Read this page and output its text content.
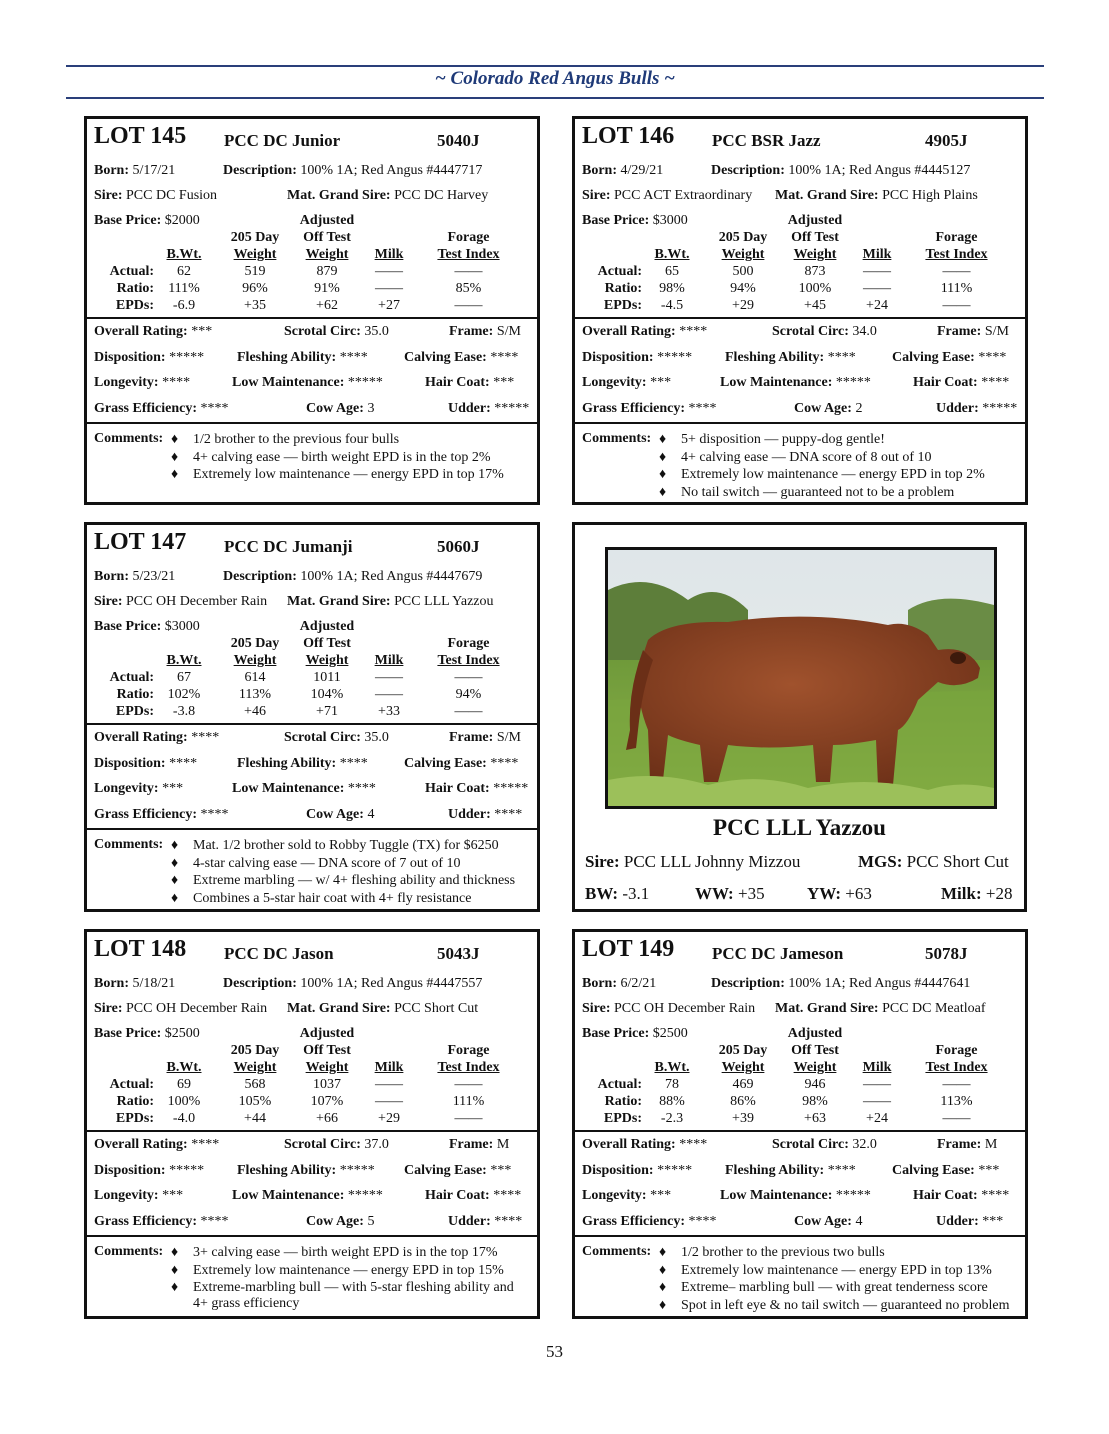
~ Colorado Red Angus Bulls ~
LOT 145 PCC DC Junior	5040J
Born: 5/17/21	Description: 100% 1A; Red Angus #4447717
Sire: PCC DC Fusion	Mat. Grand Sire: PCC DC Harvey
Base Price: $2000	Adjusted
205 Day	Off Test	Forage
B.Wt.	Weight	Weight	Milk	Test Index
Actual:	62	519	879	——	——
Ratio:	111%	96%	91%	——	85%
EPDs:	-6.9	+35	+62	+27	——
Overall Rating: ***	Scrotal Circ: 35.0	Frame: S/M
Disposition: ***** Fleshing Ability: ****	Calving Ease: ****
Longevity: ****	Low Maintenance: *****	Hair Coat: ***
Grass Efficiency: ****	Cow Age: 3	Udder: *****
Comments: ♦ 1/2 brother to the previous four bulls
♦ 4+ calving ease — birth weight EPD is in the top 2%
♦ Extremely low maintenance — energy EPD in top 17%
LOT 146 PCC BSR Jazz	4905J
Born: 4/29/21	Description: 100% 1A; Red Angus #4445127
Sire: PCC ACT Extraordinary Mat. Grand Sire: PCC High Plains
Base Price: $3000	Adjusted
205 Day	Off Test	Forage
B.Wt.	Weight	Weight	Milk	Test Index
Actual:	65	500	873	——	——
Ratio:	98%	94%	100%	——	111%
EPDs:	-4.5	+29	+45	+24	——
Overall Rating: ****	Scrotal Circ: 34.0	Frame: S/M
Disposition: ***** Fleshing Ability: ****	Calving Ease: ****
Longevity: ***	Low Maintenance: *****	Hair Coat: ****
Grass Efficiency: ****	Cow Age: 2	Udder: *****
Comments: ♦ 5+ disposition — puppy-dog gentle!
♦ 4+ calving ease — DNA score of 8 out of 10
♦ Extremely low maintenance — energy EPD in top 2%
♦ No tail switch — guaranteed not to be a problem
LOT 147 PCC DC Jumanji	5060J
Born: 5/23/21	Description: 100% 1A; Red Angus #4447679
Sire: PCC OH December Rain Mat. Grand Sire: PCC LLL Yazzou
Base Price: $3000	Adjusted
205 Day	Off Test	Forage
B.Wt.	Weight	Weight	Milk	Test Index
Actual:	67	614	1011	——	——
Ratio: 102%	113%	104%	——	94%
EPDs:	-3.8	+46	+71	+33	——
Overall Rating: ****	Scrotal Circ: 35.0	Frame: S/M
Disposition: ****	Fleshing Ability: ****	Calving Ease: ****
Longevity: ***	Low Maintenance: ****	Hair Coat: *****
Grass Efficiency: ****	Cow Age: 4	Udder: ****
Comments: ♦ Mat. 1/2 brother sold to Robby Tuggle (TX) for $6250
♦ 4-star calving ease — DNA score of 7 out of 10
♦ Extreme marbling — w/ 4+ fleshing ability and thickness
♦ Combines a 5-star hair coat with 4+ fly resistance
LOT 148 PCC DC Jason	5043J
Born: 5/18/21	Description: 100% 1A; Red Angus #4447557
Sire: PCC OH December Rain Mat. Grand Sire: PCC Short Cut
Base Price: $2500	Adjusted
205 Day	Off Test	Forage
B.Wt.	Weight	Weight	Milk	Test Index
Actual:	69	568	1037	——	——
Ratio: 100%	105%	107%	——	111%
EPDs:	-4.0	+44	+66	+29	——
Overall Rating: ****	Scrotal Circ: 37.0	Frame: M
Disposition: ***** Fleshing Ability: ***** Calving Ease: ***
Longevity: ***	Low Maintenance: *****	Hair Coat: ****
Grass Efficiency: ****	Cow Age: 5	Udder: ****
Comments: ♦ 3+ calving ease — birth weight EPD is in the top 17%
♦ Extremely low maintenance — energy EPD in top 15%
♦ Extreme-marbling bull — with 5-star fleshing ability and
4+ grass efficiency
LOT 149 PCC DC Jameson	5078J
Born: 6/2/21	Description: 100% 1A; Red Angus #4447641
Sire: PCC OH December Rain Mat. Grand Sire: PCC DC Meatloaf
Base Price: $2500	Adjusted
205 Day	Off Test	Forage
B.Wt.	Weight	Weight	Milk	Test Index
Actual:	78	469	946	——	——
Ratio:	88%	86%	98%	——	113%
EPDs:	-2.3	+39	+63	+24	——
Overall Rating: ****	Scrotal Circ: 32.0	Frame: M
Disposition: ***** Fleshing Ability: ****	Calving Ease: ***
Longevity: ***	Low Maintenance: *****	Hair Coat: ****
Grass Efficiency: ****	Cow Age: 4	Udder: ***
Comments: ♦ 1/2 brother to the previous two bulls
♦ Extremely low maintenance — energy EPD in top 13%
♦ Extreme– marbling bull — with great tenderness score
♦ Spot in left eye & no tail switch — guaranteed no problem
PCC LLL Yazzou
Sire: PCC LLL Johnny Mizzou	MGS: PCC Short Cut
BW: -3.1	WW: +35 YW: +63	Milk: +28
53
